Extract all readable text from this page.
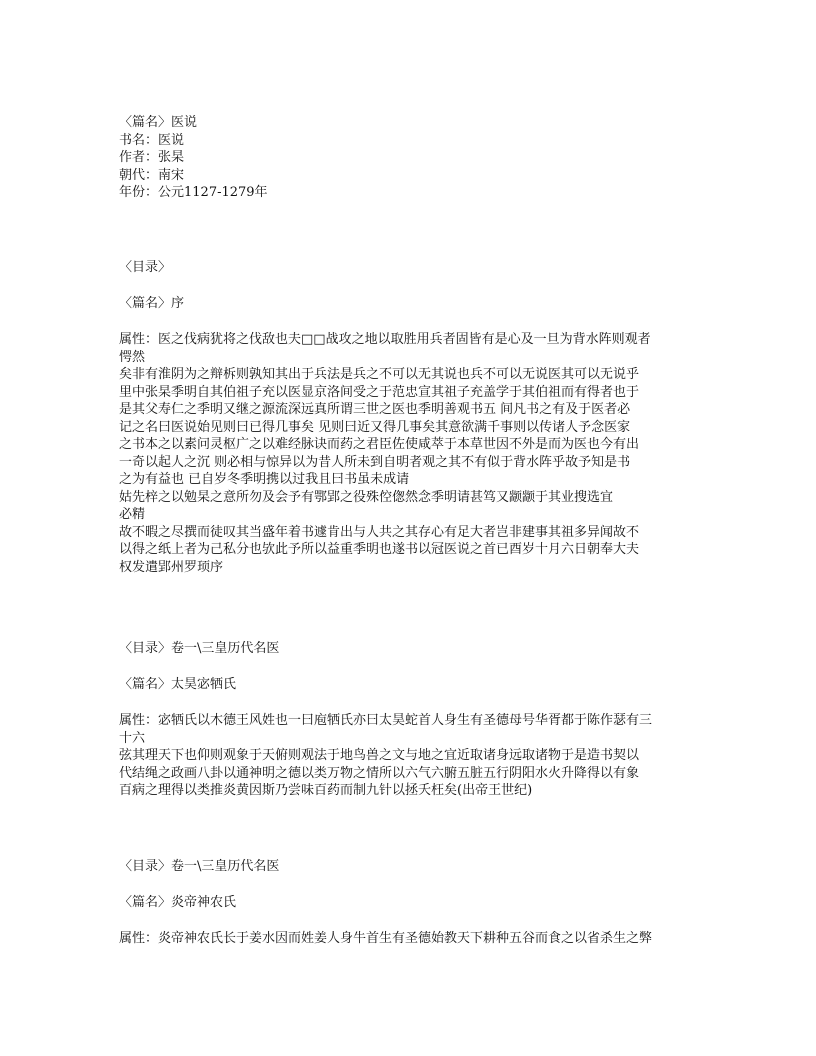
〈篇名〉医说
书名：医说
作者：张杲
朝代：南宋
年份：公元1127-1279年
〈目录〉
〈篇名〉序
属性：医之伐病犹将之伐敌也夫□□战攻之地以取胜用兵者固皆有是心及一旦为背水阵则观者
愕然
矣非有淮阴为之辩柝则孰知其出于兵法是兵之不可以无其说也兵不可以无说医其可以无说乎
里中张杲季明自其伯祖子充以医显京洛间受之于范忠宣其祖子充盖学于其伯祖而有得者也于
是其父寿仁之季明又继之源流深远真所谓三世之医也季明善观书五 间凡书之有及于医者必
记之名曰医说始见则曰已得几事矣 见则曰近又得几事矣其意欲满千事则以传诸人予念医家
之书本之以素问灵枢广之以难经脉诀而药之君臣佐使咸萃于本草世因不外是而为医也今有出
一奇以起人之沉 则必相与惊异以为昔人所未到自明者观之其不有似于背水阵乎故予知是书
之为有益也 已自岁冬季明携以过我且曰书虽未成请
姑先梓之以勉杲之意所勿及会予有鄂郢之役殊倥偬然念季明请甚笃又颛颛于其业搜选宜
必精
故不暇之尽撰而徒叹其当盛年着书遽肯出与人共之其存心有足大者岂非建事其祖多异闻故不
以得之纸上者为己私分也欤此予所以益重季明也遂书以冠医说之首已酉岁十月六日朝奉大夫
权发遣郢州罗顼序
〈目录〉卷一\三皇历代名医
〈篇名〉太昊宓牺氏
属性：宓牺氏以木德王风姓也一曰庖牺氏亦曰太昊蛇首人身生有圣德母号华胥都于陈作瑟有三
十六
弦其理天下也仰则观象于天俯则观法于地鸟兽之文与地之宜近取诸身远取诸物于是造书契以
代结绳之政画八卦以通神明之德以类万物之情所以六气六腑五脏五行阴阳水火升降得以有象
百病之理得以类推炎黄因斯乃尝味百药而制九针以拯夭枉矣(出帝王世纪)
〈目录〉卷一\三皇历代名医
〈篇名〉炎帝神农氏
属性：炎帝神农氏长于姜水因而姓姜人身牛首生有圣德始教天下耕种五谷而食之以省杀生之弊
